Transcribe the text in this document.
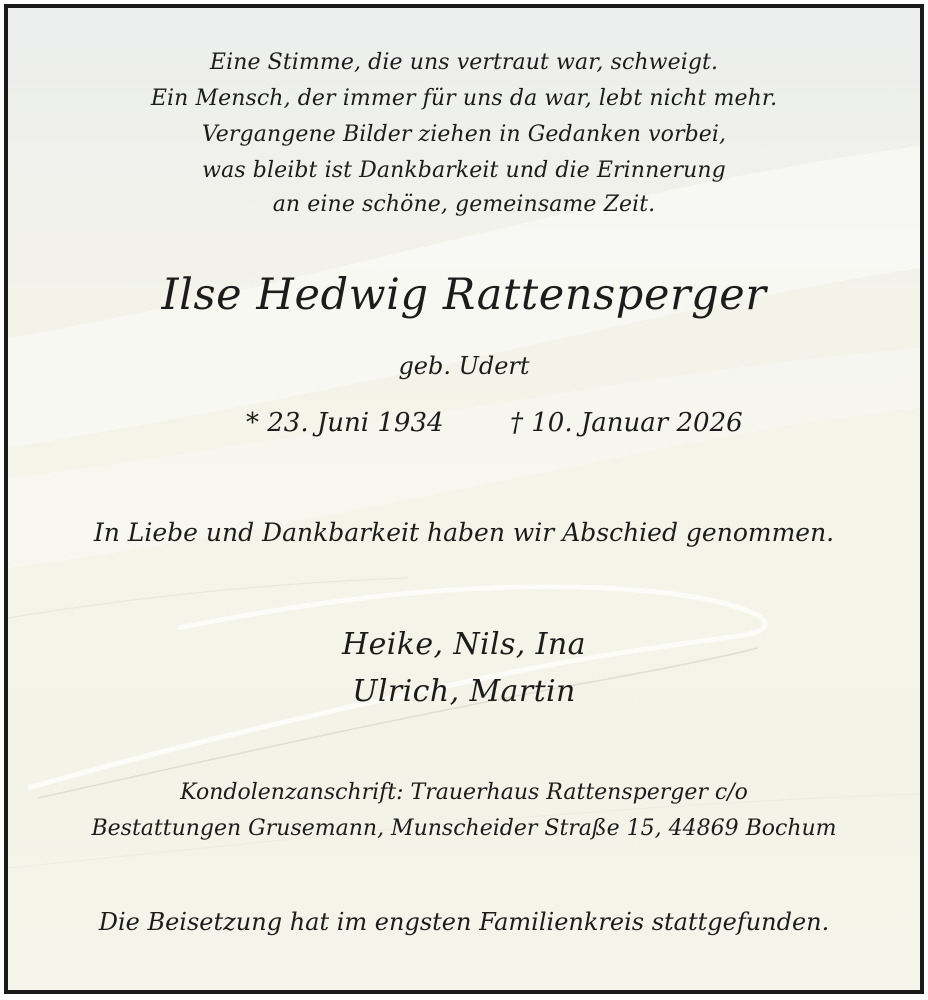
Eine Stimme, die uns vertraut war, schweigt.
Ein Mensch, der immer für uns da war, lebt nicht mehr.
Vergangene Bilder ziehen in Gedanken vorbei,
was bleibt ist Dankbarkeit und die Erinnerung
an eine schöne, gemeinsame Zeit.
Ilse Hedwig Rattensperger
geb. Udert
* 23. Juni 1934	† 10. Januar 2026
In Liebe und Dankbarkeit haben wir Abschied genommen.
Heike, Nils, Ina
Ulrich, Martin
Kondolenzanschrift: Trauerhaus Rattensperger c/o
Bestattungen Grusemann, Munscheider Straße 15, 44869 Bochum
Die Beisetzung hat im engsten Familienkreis stattgefunden.
